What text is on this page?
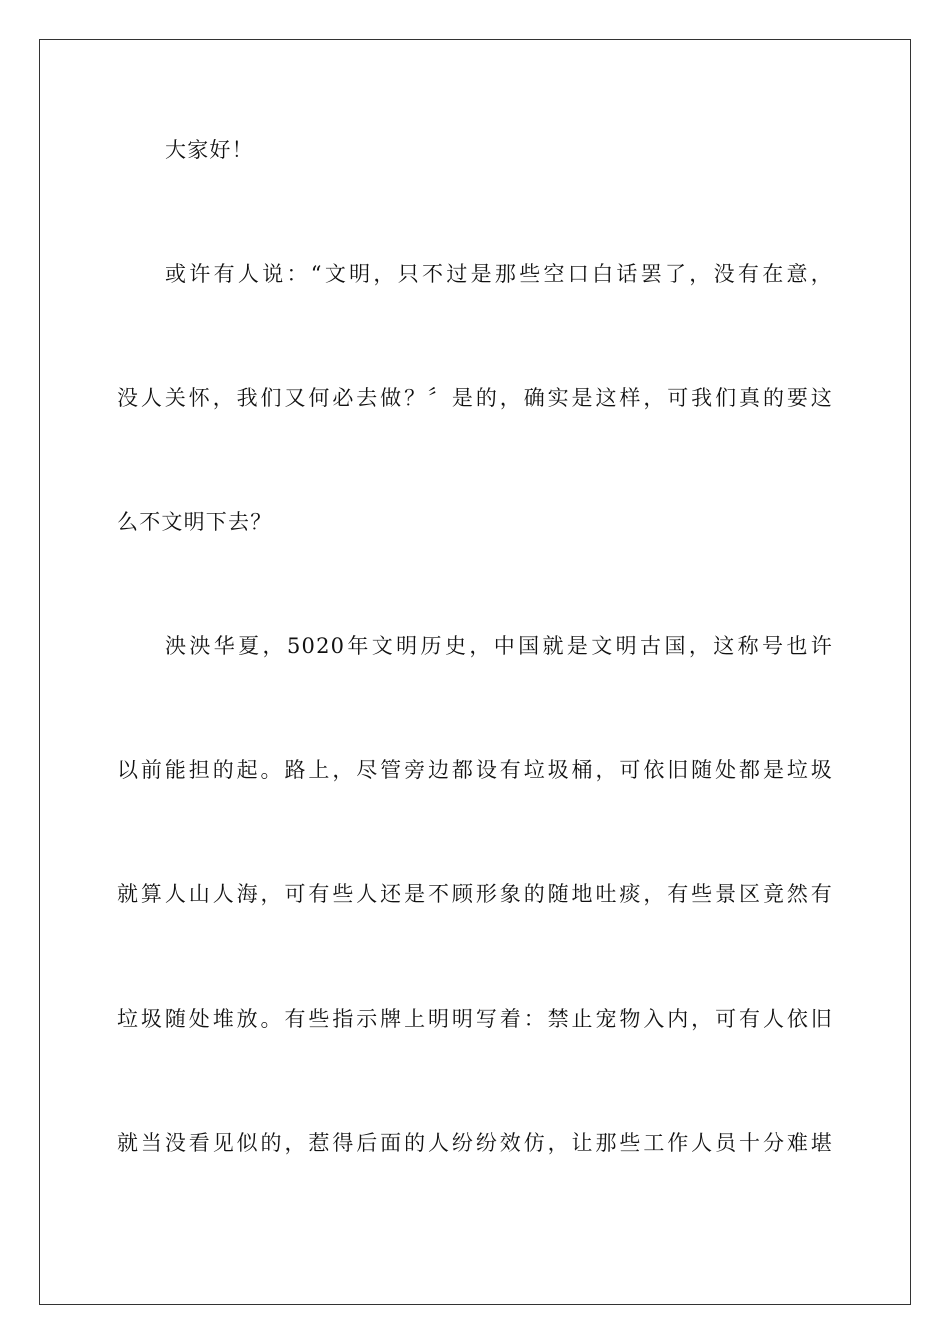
大家好！

或许有人说：“文明，只不过是那些空口白话罢了，没有在意，

没人关怀，我们又何必去做？〞是的，确实是这样，可我们真的要这

么不文明下去？

泱泱华夏，5020年文明历史，中国就是文明古国，这称号也许

以前能担的起。路上，尽管旁边都设有垃圾桶，可依旧随处都是垃圾

就算人山人海，可有些人还是不顾形象的随地吐痰，有些景区竟然有

垃圾随处堆放。有些指示牌上明明写着：禁止宠物入内，可有人依旧

就当没看见似的，惹得后面的人纷纷效仿，让那些工作人员十分难堪
